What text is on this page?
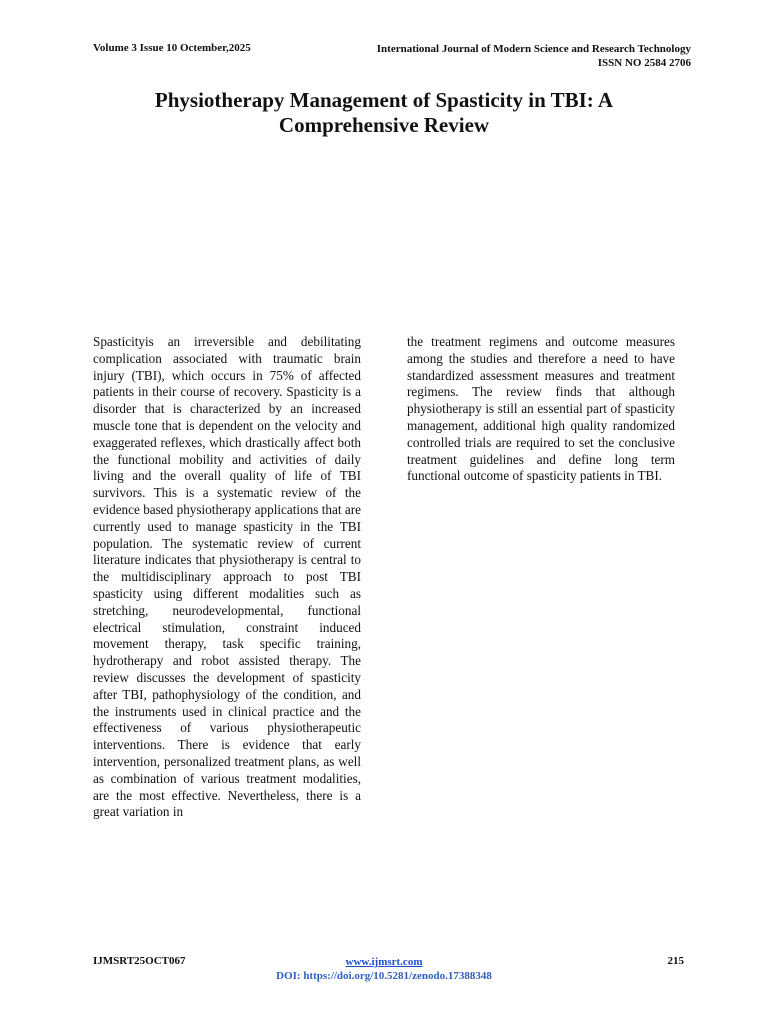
Volume 3 Issue 10 Octember,2025	International Journal of Modern Science and Research Technology
ISSN NO 2584 2706
Physiotherapy Management of Spasticity in TBI: A Comprehensive Review

Spasticityis an irreversible and debilitating complication associated with traumatic brain injury (TBI), which occurs in 75% of affected patients in their course of recovery. Spasticity is a disorder that is characterized by an increased muscle tone that is dependent on the velocity and exaggerated reflexes, which drastically affect both the functional mobility and activities of daily living and the overall quality of life of TBI survivors. This is a systematic review of the evidence based physiotherapy applications that are currently used to manage spasticity in the TBI population. The systematic review of current literature indicates that physiotherapy is central to the multidisciplinary approach to post TBI spasticity using different modalities such as stretching, neurodevelopmental, functional electrical stimulation, constraint induced movement therapy, task specific training, hydrotherapy and robot assisted therapy. The review discusses the development of spasticity after TBI, pathophysiology of the condition, and the instruments used in clinical practice and the effectiveness of various physiotherapeutic interventions. There is evidence that early intervention, personalized treatment plans, as well as combination of various treatment modalities, are the most effective. Nevertheless, there is a great variation in

the treatment regimens and outcome measures among the studies and therefore a need to have standardized assessment measures and treatment regimens. The review finds that although physiotherapy is still an essential part of spasticity management, additional high quality randomized controlled trials are required to set the conclusive treatment guidelines and define long term functional outcome of spasticity patients in TBI.

IJMSRT25OCT067	www.ijmsrt.com
DOI: https://doi.org/10.5281/zenodo.17388348
215
